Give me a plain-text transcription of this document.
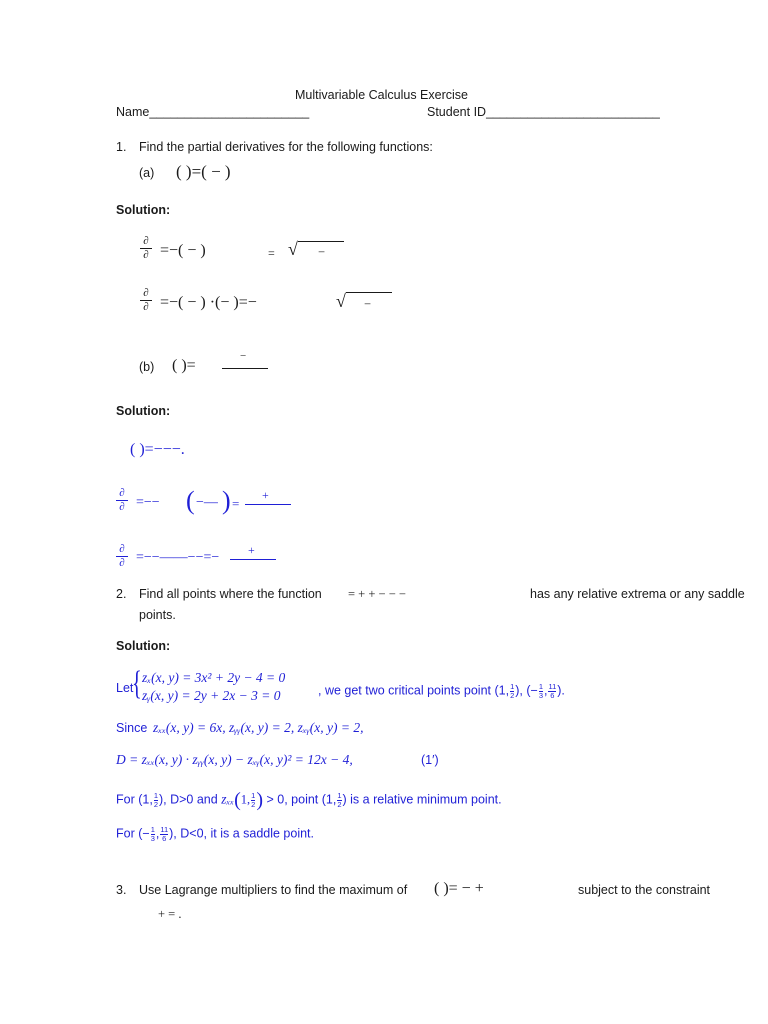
Multivariable Calculus Exercise
Name_______________________	Student ID_________________________
1. Find the partial derivatives for the following functions:
(a) ( )=( − )
Solution:
∂
∂ =−( − )	= √ −
∂
∂ =−( − ) ·(− )=−	√ −
(b) ( )=
−
Solution:
( )=−−−.
∂
∂ =−− ( −— ) =
+
∂
∂ =−−——−−=− +
2. Find all points where the function = + + − − −	has any relative extrema or any saddle
points.
Solution:
Let
{ zₓ(x, y) = 3x² + 2y − 4 = 0
zᵧ(x, y) = 2y + 2x − 3 = 0	, we get two critical points point (1, $\frac{1}{2}$ ), (− $\frac{1}{3}$ , $\frac{11}{6}$ ).
Since zₓₓ(x, y) = 6x, zᵧᵧ(x, y) = 2, zₓᵧ(x, y) = 2,
D = zₓₓ(x, y) · zᵧᵧ(x, y) − zₓᵧ(x, y)² = 12x − 4,	(1′)
For (1, $\frac{1}{2}$ ), D>0 and zₓₓ(1, $\frac{1}{2}$ ) > 0, point (1, $\frac{1}{2}$ ) is a relative minimum point.
For (− $\frac{1}{3}$ , $\frac{11}{6}$ ), D<0, it is a saddle point.
3. Use Lagrange multipliers to find the maximum of ( )= − +	subject to the constraint
+ = .
